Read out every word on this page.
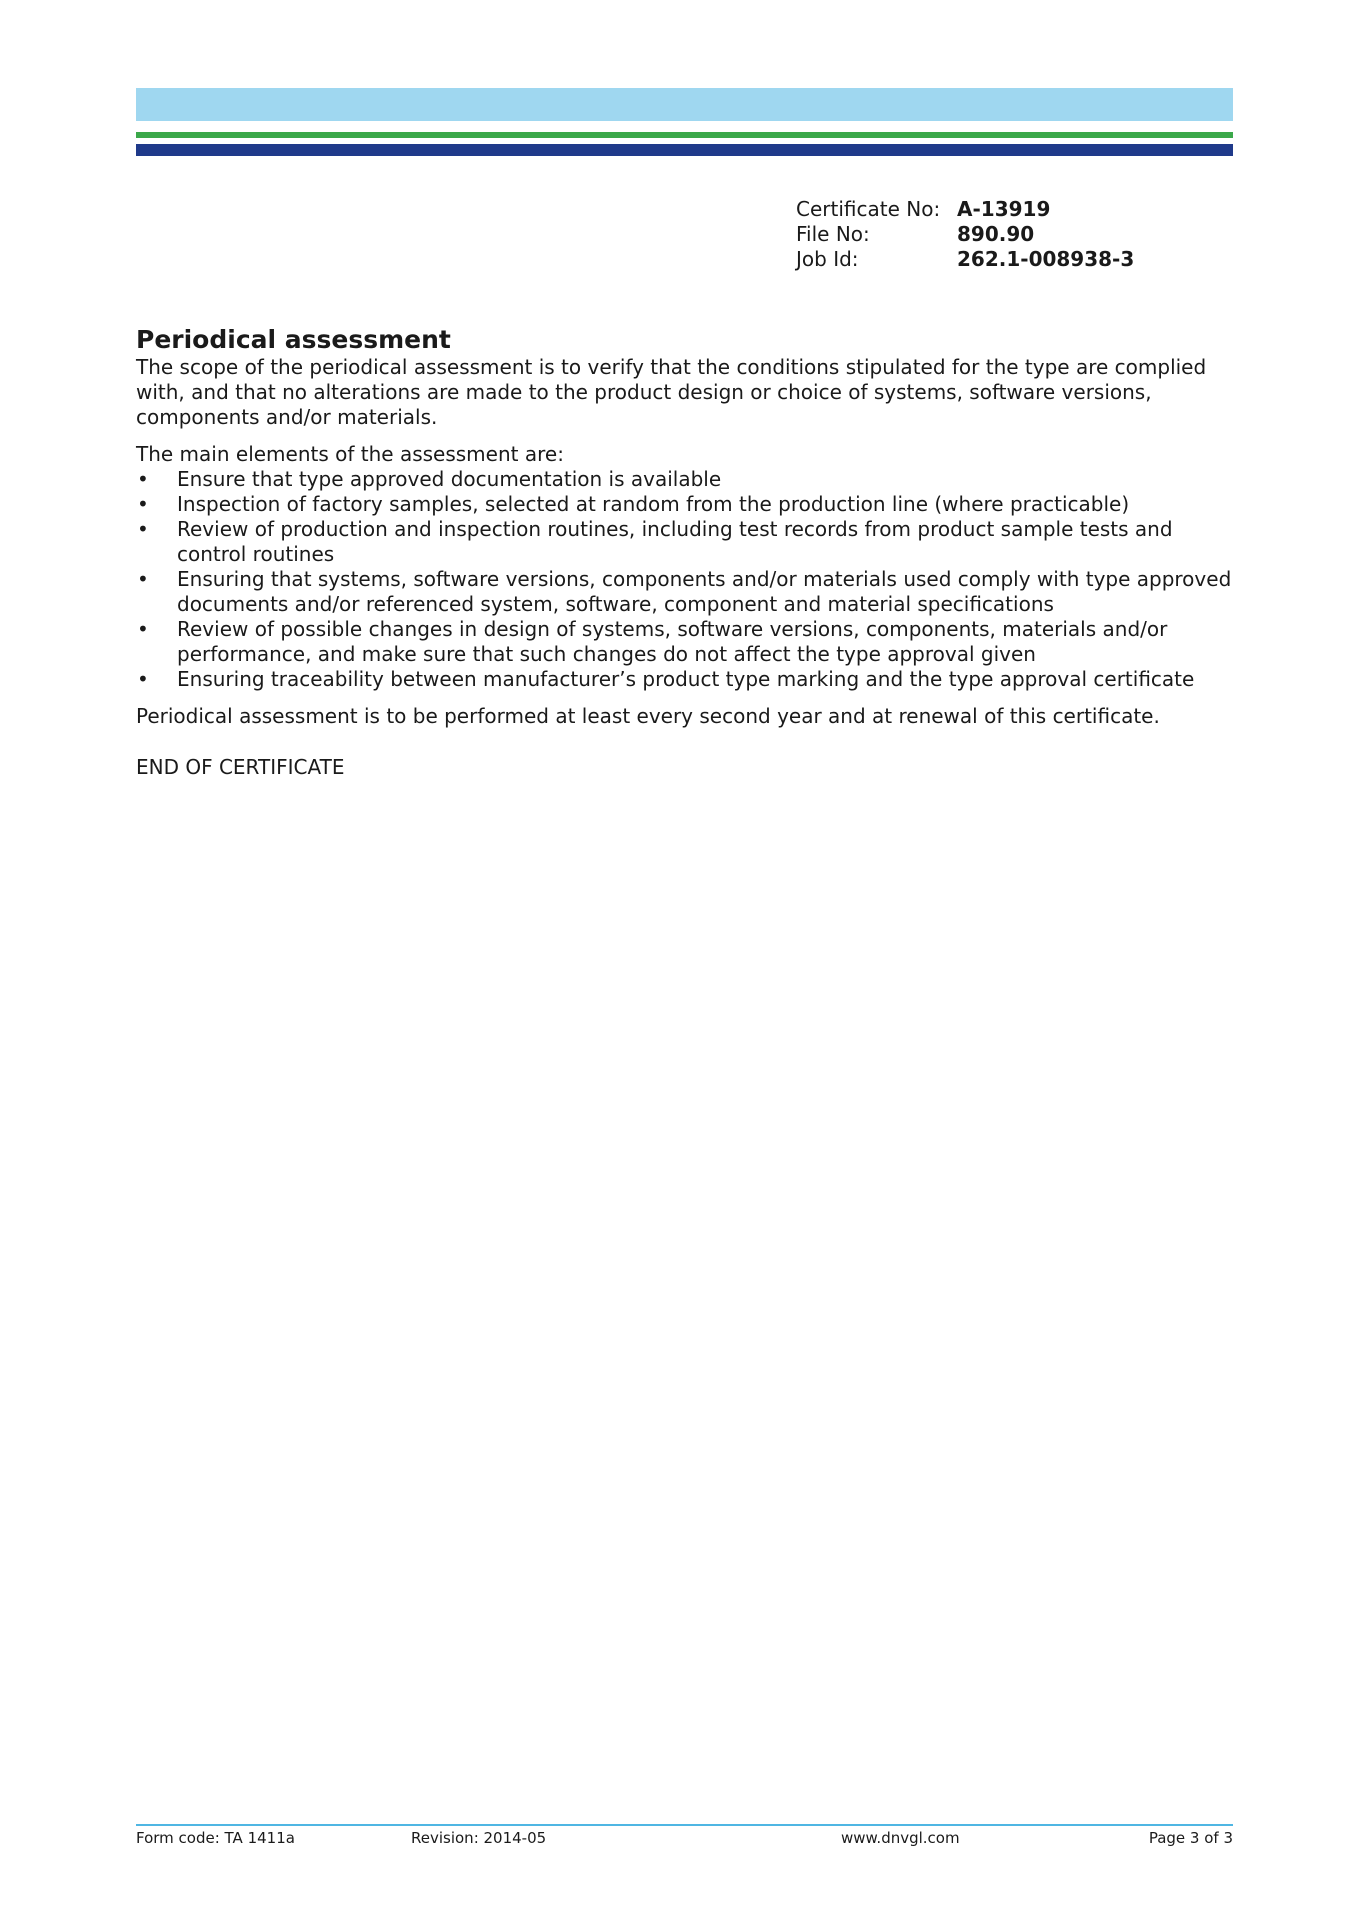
Certificate No: A-13919
File No:	890.90
Job Id:	262.1-008938-3
Periodical assessment

The scope of the periodical assessment is to verify that the conditions stipulated for the type are complied with, and that no alterations are made to the product design or choice of systems, software versions, components and/or materials.

The main elements of the assessment are:

• Ensure that type approved documentation is available
• Inspection of factory samples, selected at random from the production line (where practicable)
• Review of production and inspection routines, including test records from product sample tests and control routines
• Ensuring that systems, software versions, components and/or materials used comply with type approved documents and/or referenced system, software, component and material specifications
• Review of possible changes in design of systems, software versions, components, materials and/or performance, and make sure that such changes do not affect the type approval given
• Ensuring traceability between manufacturer’s product type marking and the type approval certificate

Periodical assessment is to be performed at least every second year and at renewal of this certificate.

END OF CERTIFICATE

Form code: TA 1411a	Revision: 2014-05	www.dnvgl.com	Page 3 of 3
